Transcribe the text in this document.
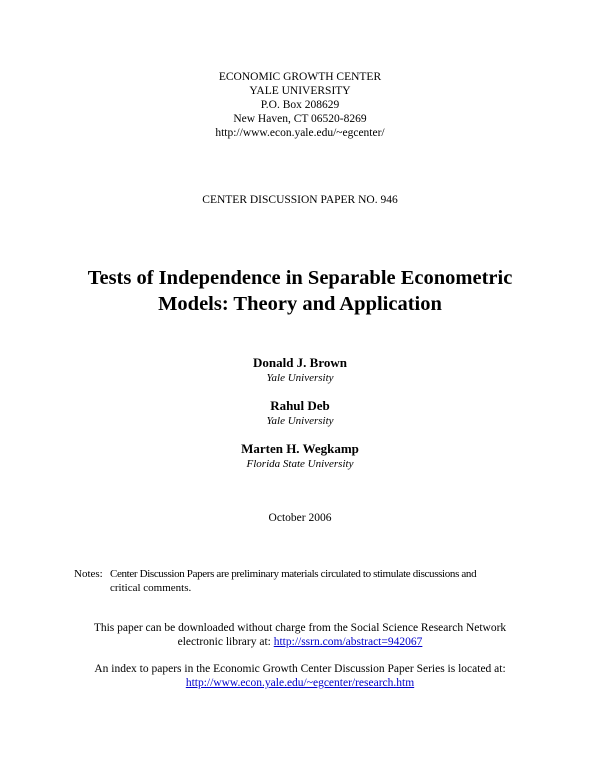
ECONOMIC GROWTH CENTER
YALE UNIVERSITY
P.O. Box 208629
New Haven, CT 06520-8269
http://www.econ.yale.edu/~egcenter/
CENTER DISCUSSION PAPER NO. 946
Tests of Independence in Separable Econometric
Models: Theory and Application
Donald J. Brown
Yale University
Rahul Deb
Yale University
Marten H. Wegkamp
Florida State University
October 2006
Notes: Center Discussion Papers are preliminary materials circulated to stimulate discussions and
critical comments.
This paper can be downloaded without charge from the Social Science Research Network
electronic library at: http://ssrn.com/abstract=942067
An index to papers in the Economic Growth Center Discussion Paper Series is located at:
http://www.econ.yale.edu/~egcenter/research.htm
